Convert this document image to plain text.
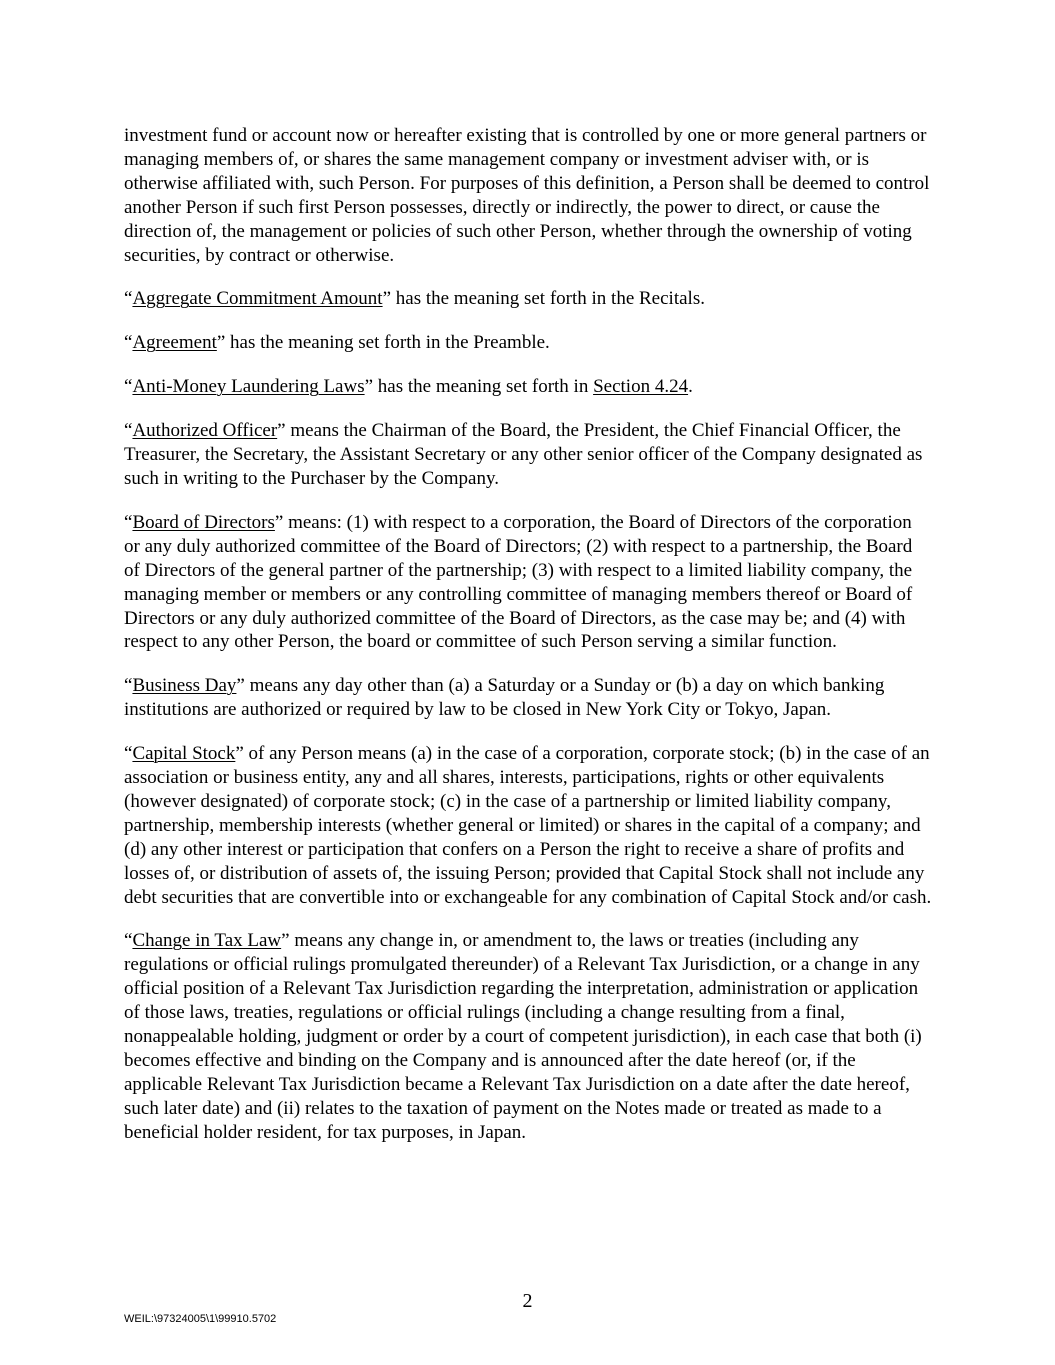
investment fund or account now or hereafter existing that is controlled by one or more general partners or managing members of, or shares the same management company or investment adviser with, or is otherwise affiliated with, such Person. For purposes of this definition, a Person shall be deemed to control another Person if such first Person possesses, directly or indirectly, the power to direct, or cause the direction of, the management or policies of such other Person, whether through the ownership of voting securities, by contract or otherwise.

“Aggregate Commitment Amount” has the meaning set forth in the Recitals.

“Agreement” has the meaning set forth in the Preamble.

“Anti-Money Laundering Laws” has the meaning set forth in Section 4.24.

“Authorized Officer” means the Chairman of the Board, the President, the Chief Financial Officer, the Treasurer, the Secretary, the Assistant Secretary or any other senior officer of the Company designated as such in writing to the Purchaser by the Company.

“Board of Directors” means: (1) with respect to a corporation, the Board of Directors of the corporation or any duly authorized committee of the Board of Directors; (2) with respect to a partnership, the Board of Directors of the general partner of the partnership; (3) with respect to a limited liability company, the managing member or members or any controlling committee of managing members thereof or Board of Directors or any duly authorized committee of the Board of Directors, as the case may be; and (4) with respect to any other Person, the board or committee of such Person serving a similar function.

“Business Day” means any day other than (a) a Saturday or a Sunday or (b) a day on which banking institutions are authorized or required by law to be closed in New York City or Tokyo, Japan.

“Capital Stock” of any Person means (a) in the case of a corporation, corporate stock; (b) in the case of an association or business entity, any and all shares, interests, participations, rights or other equivalents (however designated) of corporate stock; (c) in the case of a partnership or limited liability company, partnership, membership interests (whether general or limited) or shares in the capital of a company; and (d) any other interest or participation that confers on a Person the right to receive a share of profits and losses of, or distribution of assets of, the issuing Person; provided that Capital Stock shall not include any debt securities that are convertible into or exchangeable for any combination of Capital Stock and/or cash.

“Change in Tax Law” means any change in, or amendment to, the laws or treaties (including any regulations or official rulings promulgated thereunder) of a Relevant Tax Jurisdiction, or a change in any official position of a Relevant Tax Jurisdiction regarding the interpretation, administration or application of those laws, treaties, regulations or official rulings (including a change resulting from a final, nonappealable holding, judgment or order by a court of competent jurisdiction), in each case that both (i) becomes effective and binding on the Company and is announced after the date hereof (or, if the applicable Relevant Tax Jurisdiction became a Relevant Tax Jurisdiction on a date after the date hereof, such later date) and (ii) relates to the taxation of payment on the Notes made or treated as made to a beneficial holder resident, for tax purposes, in Japan.

2
WEIL:\97324005\1\99910.5702
